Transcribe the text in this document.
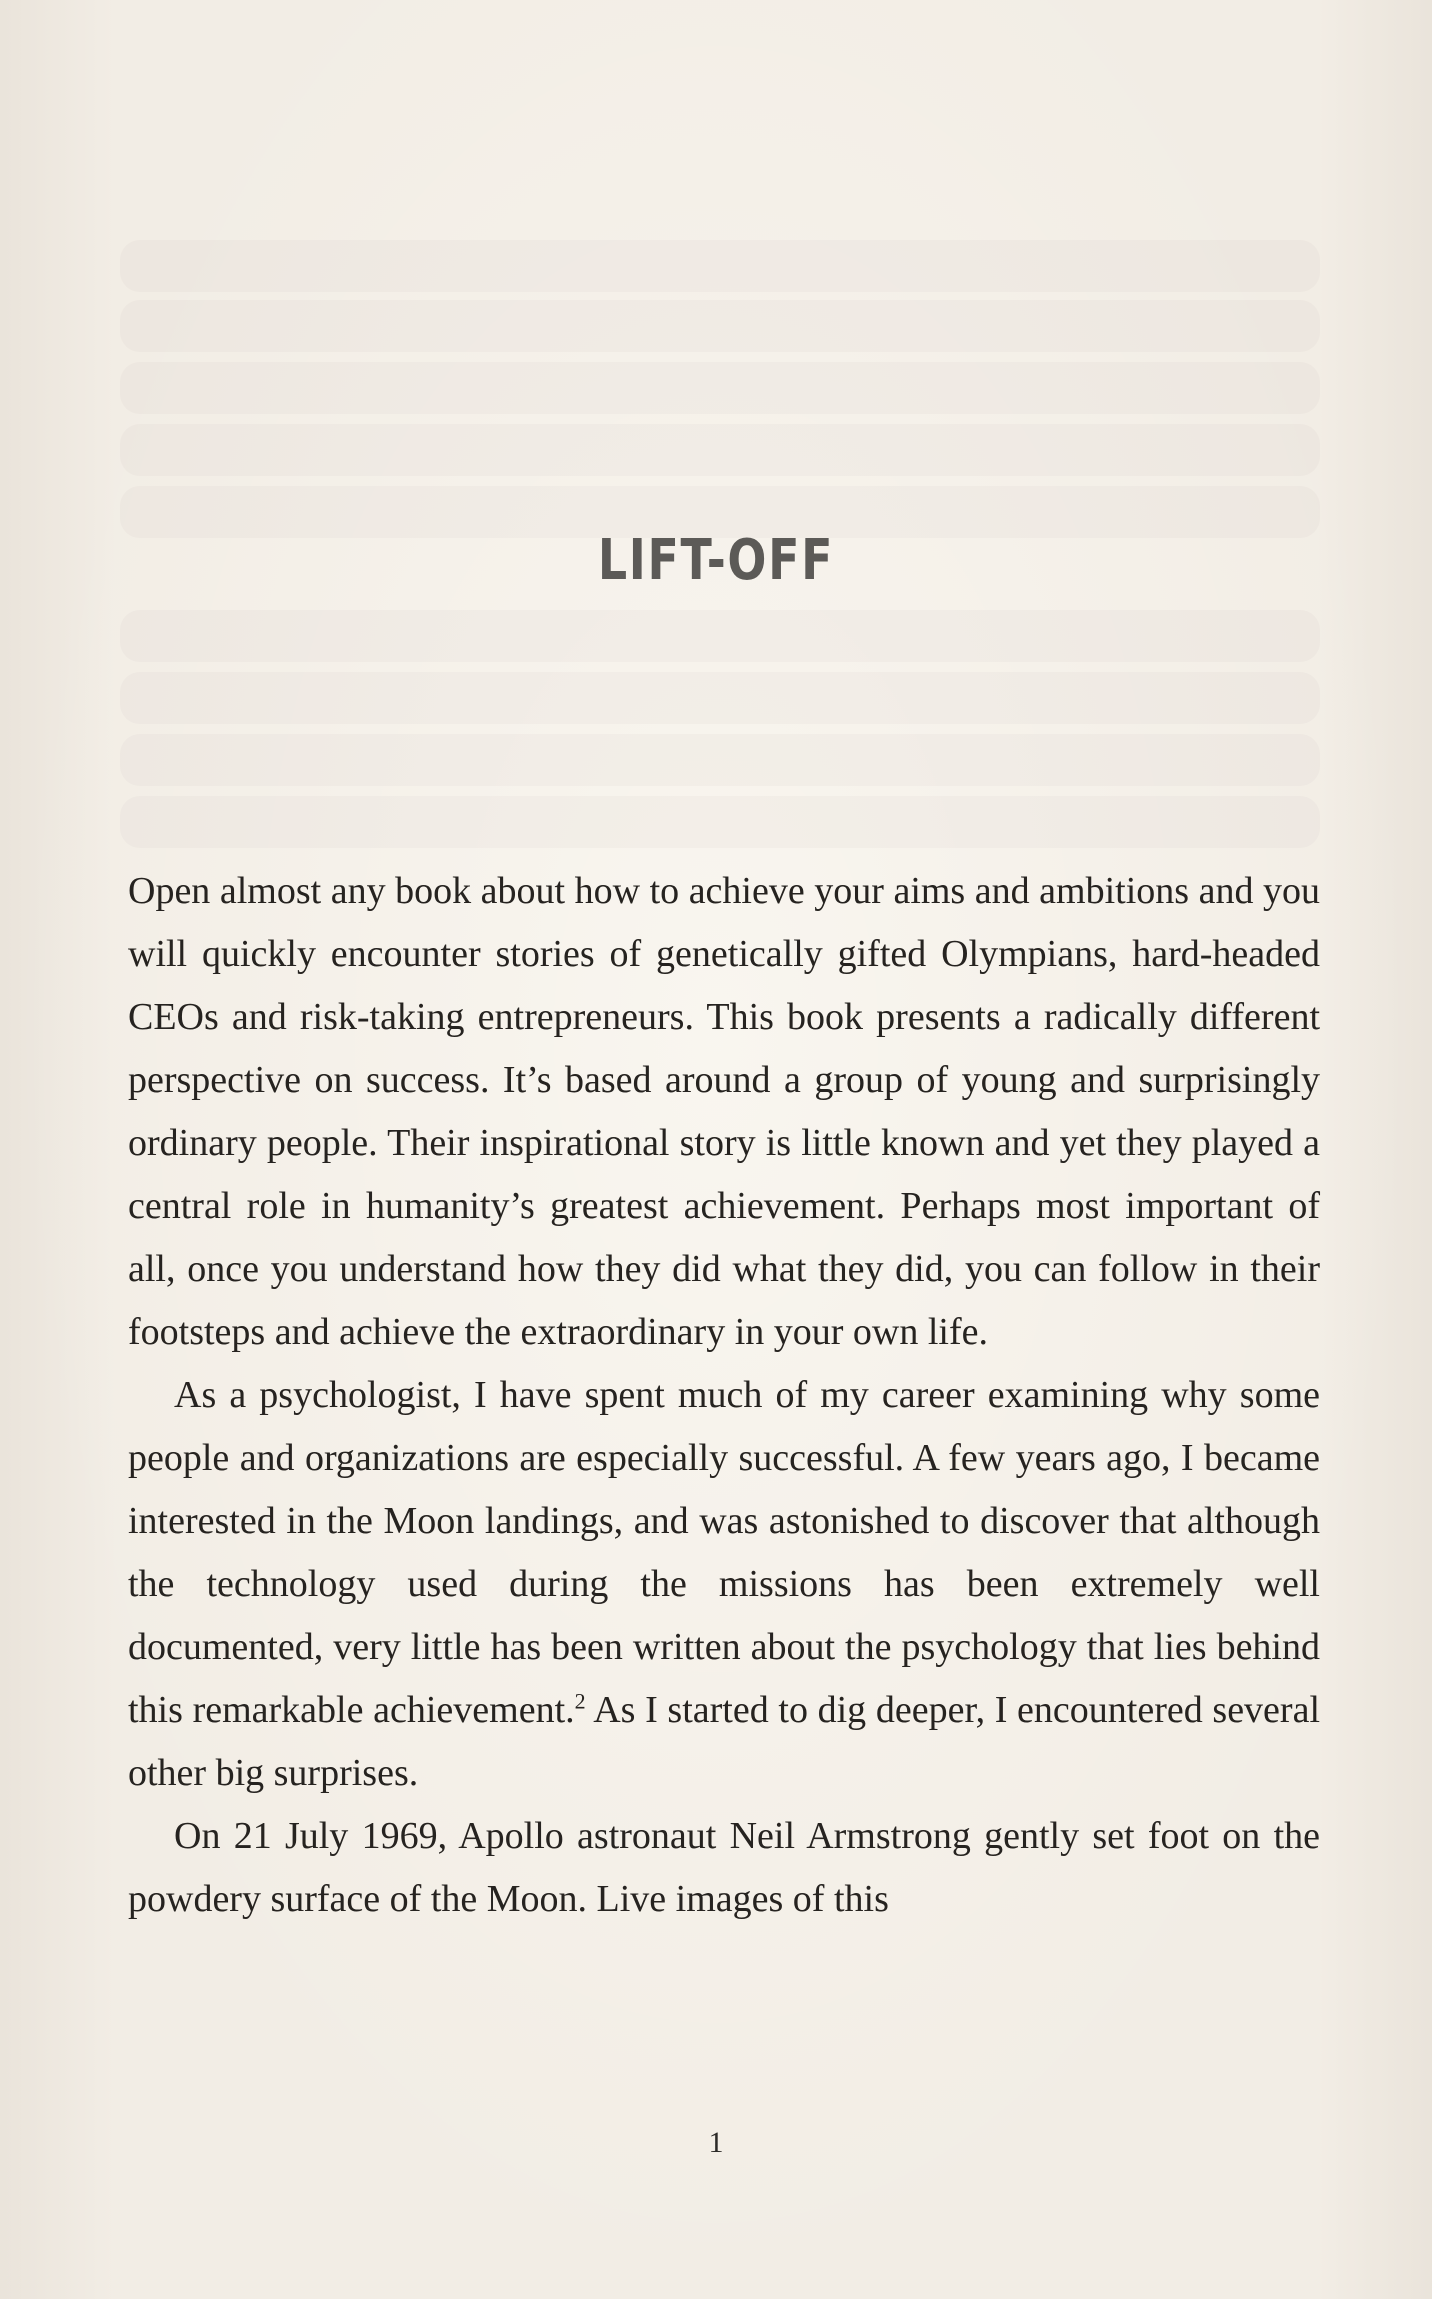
LIFT-OFF

Open almost any book about how to achieve your aims and ambitions and you will quickly encounter stories of genetically gifted Olympians, hard-headed CEOs and risk-taking entrepreneurs. This book presents a radically different perspective on success. It’s based around a group of young and surprisingly ordinary people. Their inspirational story is little known and yet they played a central role in humanity’s greatest achievement. Perhaps most important of all, once you understand how they did what they did, you can follow in their footsteps and achieve the extraordinary in your own life.

As a psychologist, I have spent much of my career examining why some people and organizations are especially successful. A few years ago, I became interested in the Moon landings, and was astonished to discover that although the technology used during the missions has been extremely well documented, very little has been written about the psychology that lies behind this remarkable achievement.$^2$ As I started to dig deeper, I encountered several other big surprises.

On 21 July 1969, Apollo astronaut Neil Armstrong gently set foot on the powdery surface of the Moon. Live images of this

1
